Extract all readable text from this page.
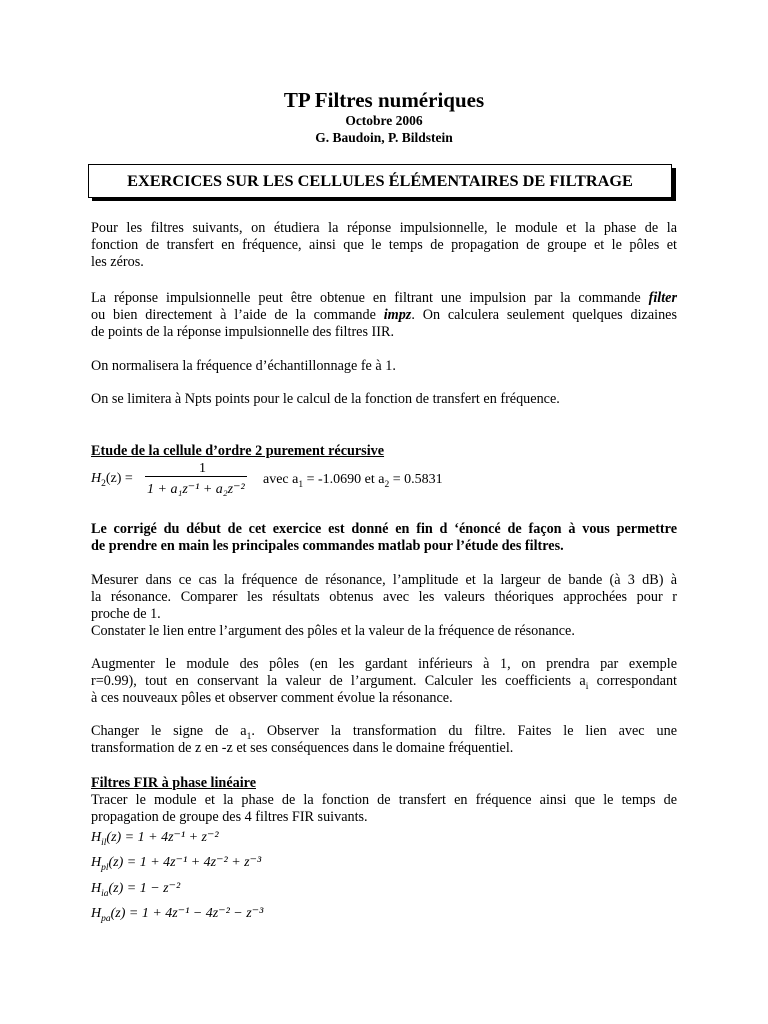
TP Filtres numériques
Octobre 2006
G. Baudoin, P. Bildstein
EXERCICES SUR LES CELLULES ÉLÉMENTAIRES DE FILTRAGE
Pour les filtres suivants, on étudiera la réponse impulsionnelle, le module et la phase de la
fonction de transfert en fréquence, ainsi que le temps de propagation de groupe et le pôles et
les zéros.
La réponse impulsionnelle peut être obtenue en filtrant une impulsion par la commande filter
ou bien directement à l’aide de la commande impz. On calculera seulement quelques dizaines
de points de la réponse impulsionnelle des filtres IIR.
On normalisera la fréquence d’échantillonnage fe à 1.
On se limitera à Npts points pour le calcul de la fonction de transfert en fréquence.
Etude de la cellule d’ordre 2 purement récursive
$H_2(z)$ =
1
1 + a₁z⁻¹ + a₂z⁻²
avec $a_1 = -1.0690$ et $a_2 = 0.5831$
Le corrigé du début de cet exercice est donné en fin d ‘énoncé de façon à vous permettre
de prendre en main les principales commandes matlab pour l’étude des filtres.
Mesurer dans ce cas la fréquence de résonance, l’amplitude et la largeur de bande (à 3 dB) à
la résonance. Comparer les résultats obtenus avec les valeurs théoriques approchées pour r
proche de 1.
Constater le lien entre l’argument des pôles et la valeur de la fréquence de résonance.
Augmenter le module des pôles (en les gardant inférieurs à 1, on prendra par exemple
r=0.99), tout en conservant la valeur de l’argument. Calculer les coefficients $a_i$ correspondant
à ces nouveaux pôles et observer comment évolue la résonance.
Changer le signe de $a_1$. Observer la transformation du filtre. Faites le lien avec une
transformation de z en -z et ses conséquences dans le domaine fréquentiel.
Filtres FIR à phase linéaire
Tracer le module et la phase de la fonction de transfert en fréquence ainsi que le temps de
propagation de groupe des 4 filtres FIR suivants.
$H_{il}(z) = 1 + 4z^{-1} + z^{-2}$
$H_{pl}(z) = 1 + 4z^{-1} + 4z^{-2} + z^{-3}$
$H_{ia}(z) = 1 - z^{-2}$
$H_{pa}(z) = 1 + 4z^{-1} - 4z^{-2} - z^{-3}$
